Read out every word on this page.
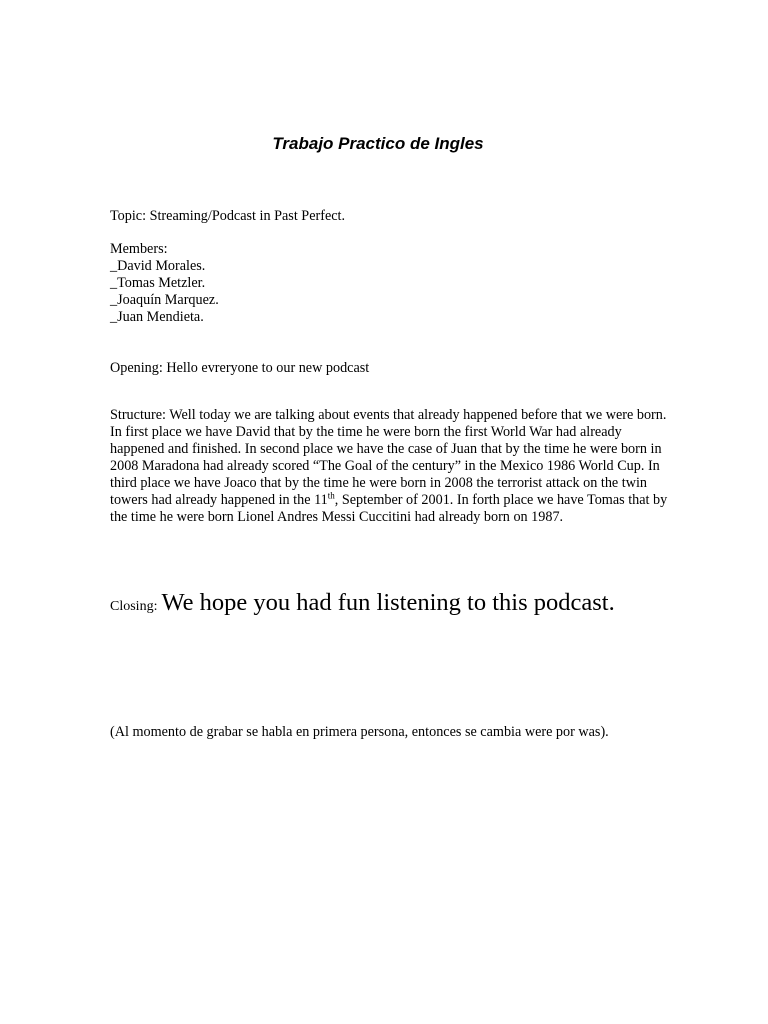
Trabajo Practico de Ingles

Topic: Streaming/Podcast in Past Perfect.

Members:
_David Morales.
_Tomas Metzler.
_Joaquín Marquez.
_Juan Mendieta.

Opening: Hello evreryone to our new podcast

Structure: Well today we are talking about events that already happened before that we were born. In first place we have David that by the time he were born the first World War had already happened and finished. In second place we have the case of Juan that by the time he were born in 2008 Maradona had already scored “The Goal of the century” in the Mexico 1986 World Cup. In third place we have Joaco that by the time he were born in 2008 the terrorist attack on the twin towers had already happened in the 11th, September of 2001. In forth place we have Tomas that by the time he were born Lionel Andres Messi Cuccitini had already born on 1987.

Closing: We hope you had fun listening to this podcast.

(Al momento de grabar se habla en primera persona, entonces se cambia were por was).
